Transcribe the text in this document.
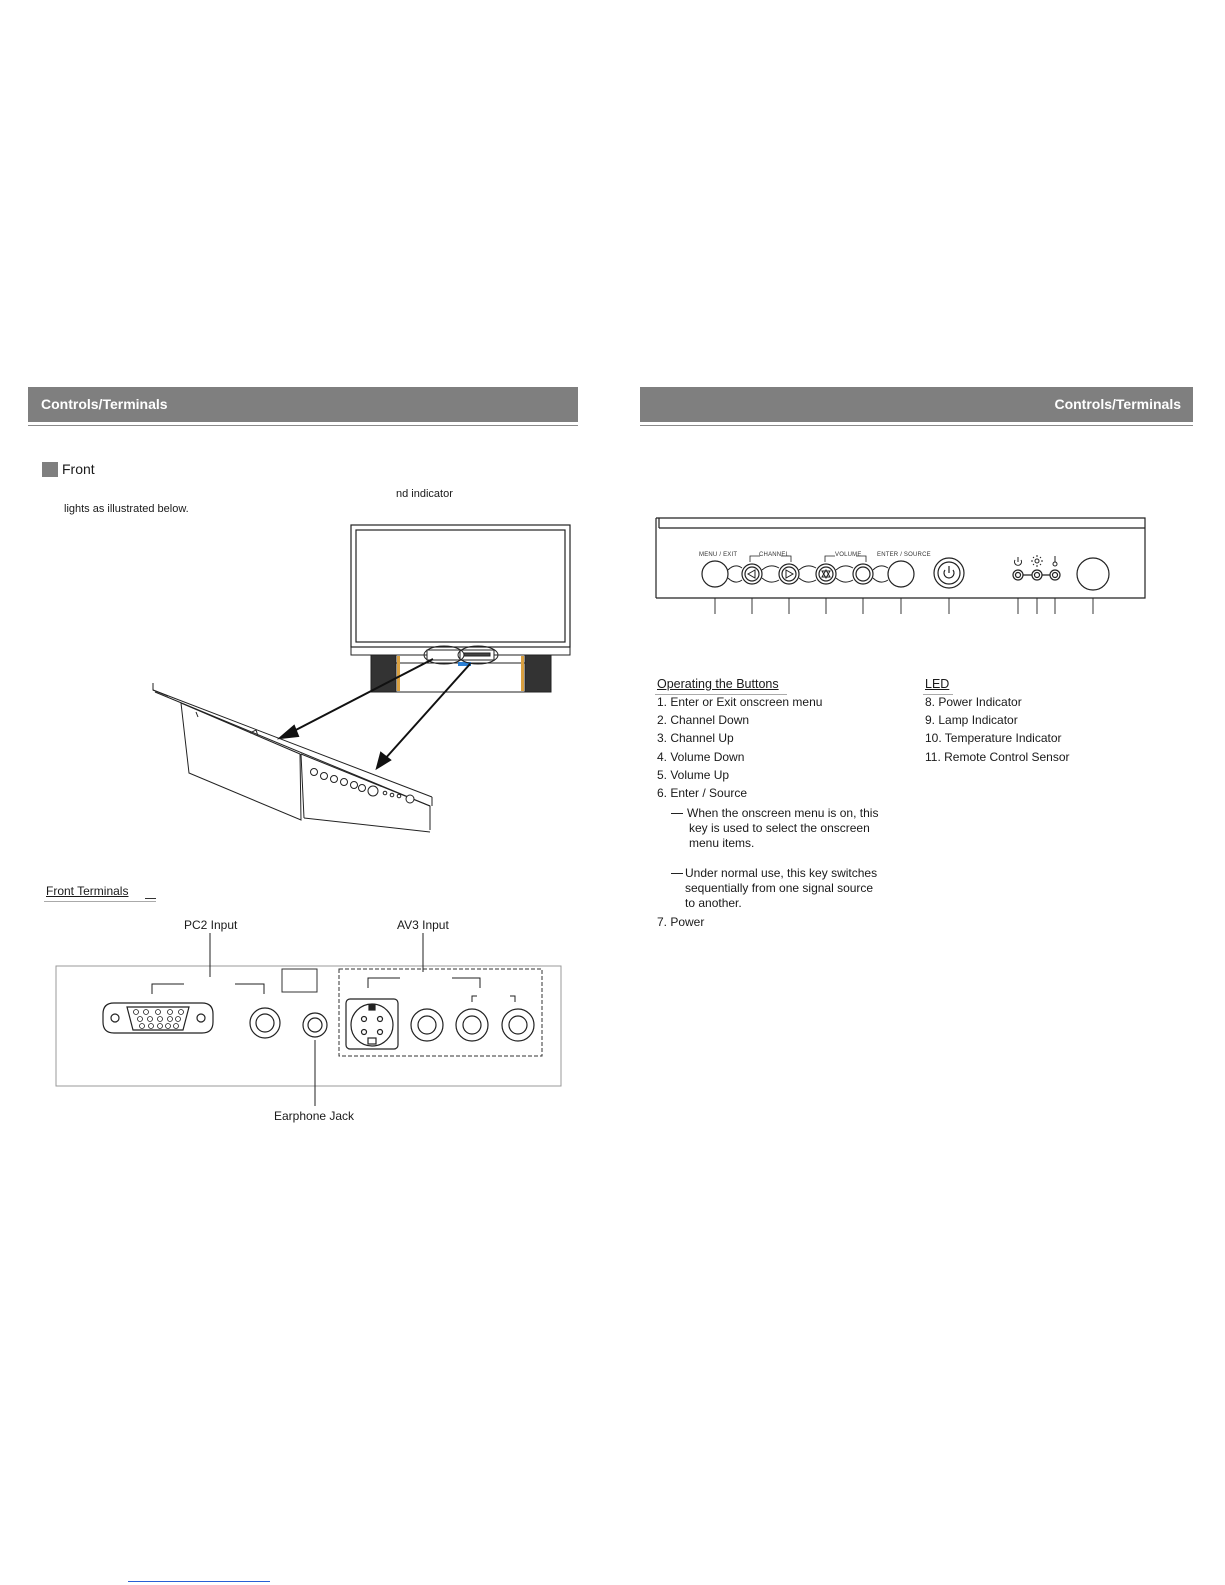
Controls/Terminals
Front
nd indicator
lights as illustrated below.
Front Terminals
PC2 Input	AV3 Input
Earphone Jack
Controls/Terminals
MENU / EXIT	CHANNEL	VOLUME	ENTER / SOURCE
Operating the Buttons
1. Enter or Exit onscreen menu
2. Channel Down
3. Channel Up
4. Volume Down
5. Volume Up
6. Enter / Source
When the onscreen menu is on, this
key is used to select the onscreen
menu items.
Under normal use, this key switches
sequentially from one signal source
to another.
7. Power
LED
8. Power Indicator
9. Lamp Indicator
10. Temperature Indicator
11. Remote Control Sensor
